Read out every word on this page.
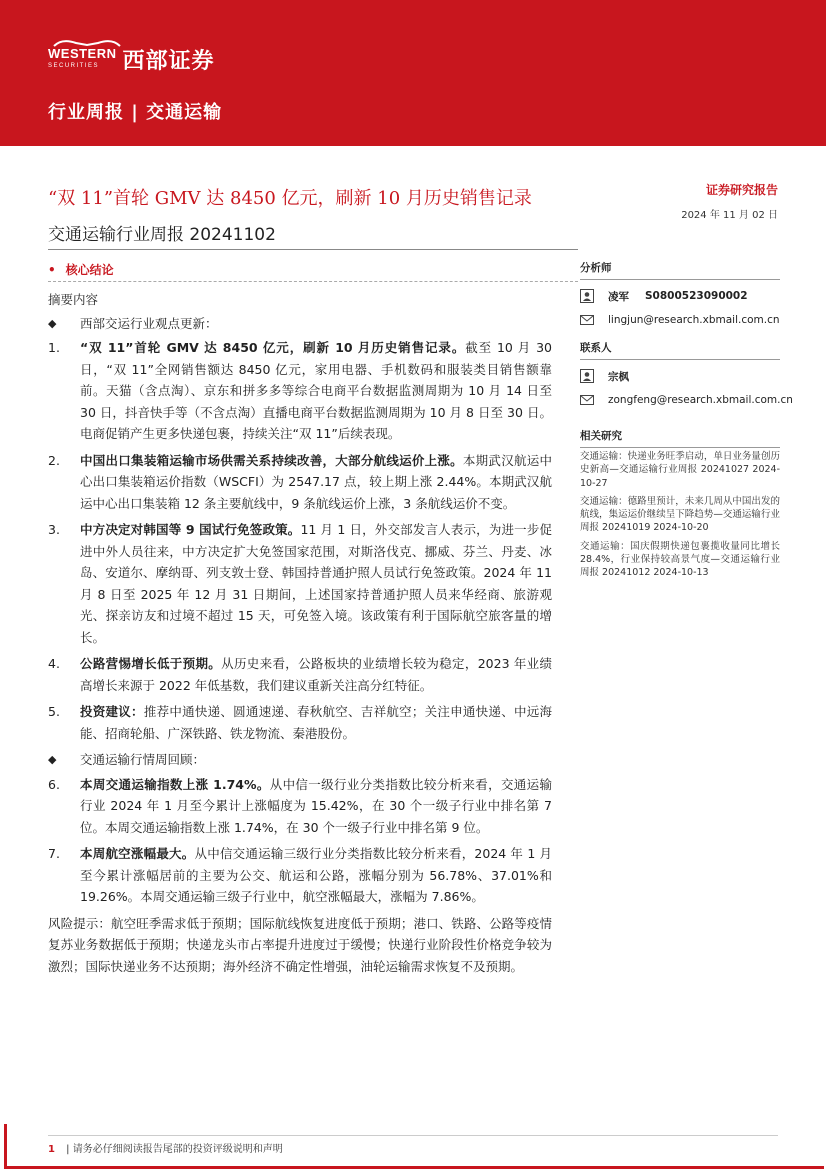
WESTERN
SECURITIES	西部证券
行业周报 | 交通运输
“双 11”首轮 GMV 达 8450 亿元，刷新 10 月历史销售记录
交通运输行业周报 20241102
证券研究报告
2024 年 11 月 02 日
• 核心结论

摘要内容

◆	西部交运行业观点更新：
1.	“双 11”首轮 GMV 达 8450 亿元，刷新 10 月历史销售记录。截至 10 月 30 日，“双 11”全网销售额达 8450 亿元，家用电器、手机数码和服装类目销售额靠前。天猫（含点淘）、京东和拼多多等综合电商平台数据监测周期为 10 月 14 日至 30 日，抖音快手等（不含点淘）直播电商平台数据监测周期为 10 月 8 日至 30 日。电商促销产生更多快递包裹，持续关注“双 11”后续表现。
2.	中国出口集装箱运输市场供需关系持续改善，大部分航线运价上涨。本期武汉航运中心出口集装箱运价指数（WSCFI）为 2547.17 点，较上期上涨 2.44%。本期武汉航运中心出口集装箱 12 条主要航线中，9 条航线运价上涨，3 条航线运价不变。
3.	中方决定对韩国等 9 国试行免签政策。11 月 1 日，外交部发言人表示，为进一步促进中外人员往来，中方决定扩大免签国家范围，对斯洛伐克、挪威、芬兰、丹麦、冰岛、安道尔、摩纳哥、列支敦士登、韩国持普通护照人员试行免签政策。2024 年 11 月 8 日至 2025 年 12 月 31 日期间，上述国家持普通护照人员来华经商、旅游观光、探亲访友和过境不超过 15 天，可免签入境。该政策有利于国际航空旅客量的增长。
4.	公路营惕增长低于预期。从历史来看，公路板块的业绩增长较为稳定，2023 年业绩高增长来源于 2022 年低基数，我们建议重新关注高分红特征。
5.	投资建议：推荐中通快递、圆通速递、春秋航空、吉祥航空；关注申通快递、中远海能、招商轮船、广深铁路、铁龙物流、秦港股份。
◆	交通运输行情周回顾：
6.	本周交通运输指数上涨 1.74%。从中信一级行业分类指数比较分析来看，交通运输行业 2024 年 1 月至今累计上涨幅度为 15.42%，在 30 个一级子行业中排名第 7 位。本周交通运输指数上涨 1.74%，在 30 个一级子行业中排名第 9 位。
7.	本周航空涨幅最大。从中信交通运输三级行业分类指数比较分析来看，2024 年 1 月至今累计涨幅居前的主要为公交、航运和公路，涨幅分别为 56.78%、37.01%和 19.26%。本周交通运输三级子行业中，航空涨幅最大，涨幅为 7.86%。

风险提示：航空旺季需求低于预期；国际航线恢复进度低于预期；港口、铁路、公路等疫情复苏业务数据低于预期；快递龙头市占率提升进度过于缓慢；快递行业阶段性价格竞争较为激烈；国际快递业务不达预期；海外经济不确定性增强，油轮运输需求恢复不及预期。

分析师
凌军 S0800523090002
lingjun@research.xbmail.com.cn
联系人
宗枫
zongfeng@research.xbmail.com.cn
相关研究
交通运输：快递业务旺季启动，单日业务量创历史新高—交通运输行业周报 20241027 2024-10-27
交通运输：德路里预计，未来几周从中国出发的航线，集运运价继续呈下降趋势—交通运输行业周报 20241019 2024-10-20
交通运输：国庆假期快递包裹揽收量同比增长 28.4%，行业保持较高景气度—交通运输行业周报 20241012 2024-10-13
1 | 请务必仔细阅读报告尾部的投资评级说明和声明
